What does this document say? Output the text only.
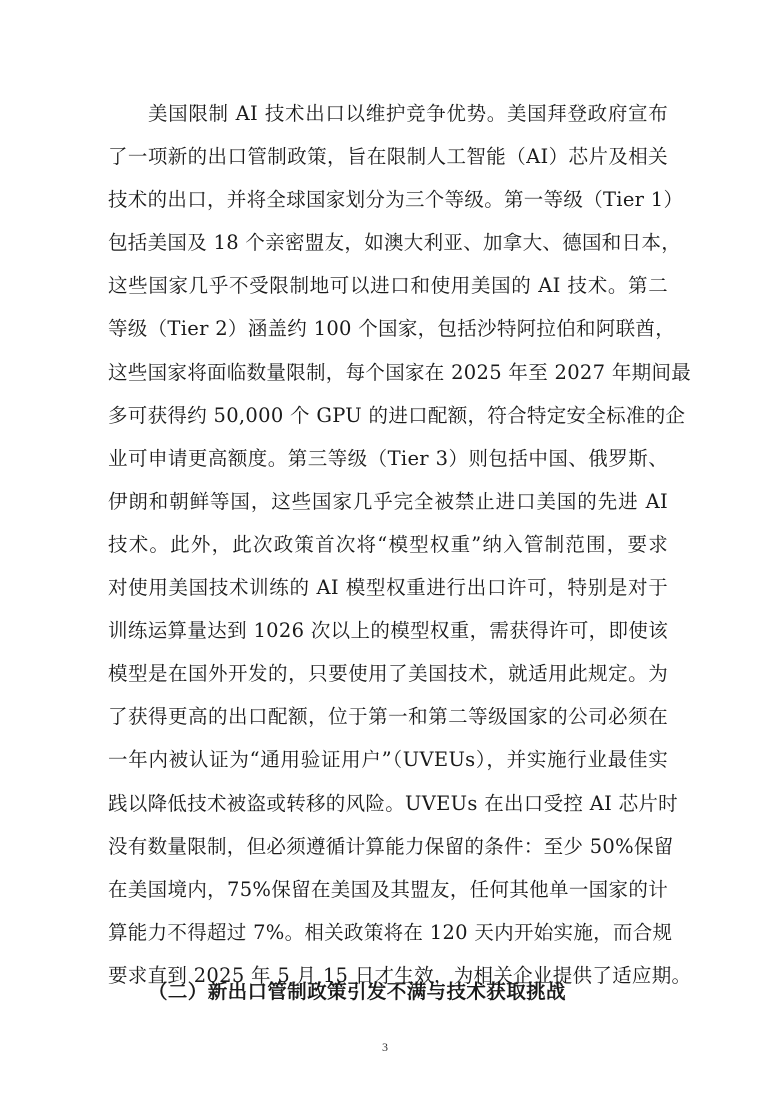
美国限制 AI 技术出口以维护竞争优势。美国拜登政府宣布
了一项新的出口管制政策，旨在限制人工智能（AI）芯片及相关
技术的出口，并将全球国家划分为三个等级。第一等级（Tier 1）
包括美国及 18 个亲密盟友，如澳大利亚、加拿大、德国和日本，
这些国家几乎不受限制地可以进口和使用美国的 AI 技术。第二
等级（Tier 2）涵盖约 100 个国家，包括沙特阿拉伯和阿联酋，
这些国家将面临数量限制，每个国家在 2025 年至 2027 年期间最
多可获得约 50,000 个 GPU 的进口配额，符合特定安全标准的企
业可申请更高额度。第三等级（Tier 3）则包括中国、俄罗斯、
伊朗和朝鲜等国，这些国家几乎完全被禁止进口美国的先进 AI
技术。此外，此次政策首次将“模型权重”纳入管制范围，要求
对使用美国技术训练的 AI 模型权重进行出口许可，特别是对于
训练运算量达到 1026 次以上的模型权重，需获得许可，即使该
模型是在国外开发的，只要使用了美国技术，就适用此规定。为
了获得更高的出口配额，位于第一和第二等级国家的公司必须在
一年内被认证为“通用验证用户”（UVEUs），并实施行业最佳实
践以降低技术被盗或转移的风险。UVEUs 在出口受控 AI 芯片时
没有数量限制，但必须遵循计算能力保留的条件：至少 50%保留
在美国境内，75%保留在美国及其盟友，任何其他单一国家的计
算能力不得超过 7%。相关政策将在 120 天内开始实施，而合规
要求直到 2025 年 5 月 15 日才生效，为相关企业提供了适应期。
（二）新出口管制政策引发不满与技术获取挑战
3
